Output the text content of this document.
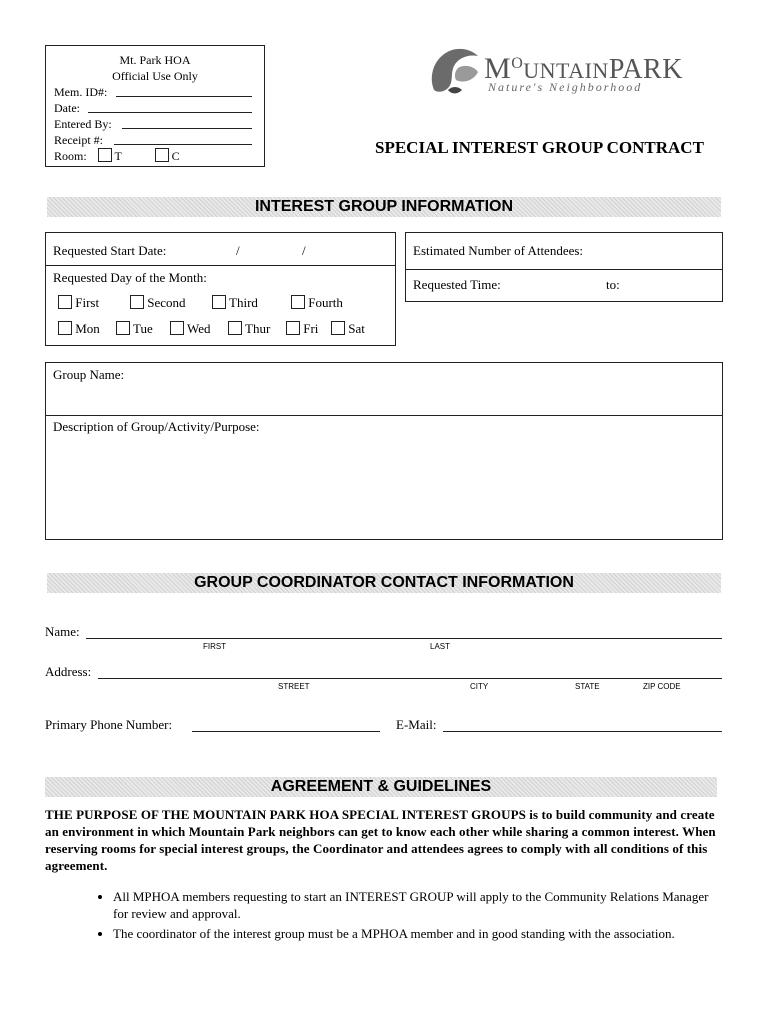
Mt. Park HOA
Official Use Only
Mem. ID#:
Date:
Entered By:
Receipt #:
Room: T	C
$M^OUNTAINPARK$
Nature's Neighborhood
SPECIAL INTEREST GROUP CONTRACT
INTEREST GROUP INFORMATION
Requested Start Date:	/	/
Requested Day of the Month:
First	Second	Third	Fourth
Mon	Tue	Wed	Thur	Fri	Sat
Estimated Number of Attendees:
Requested Time:	to:
Group Name:
Description of Group/Activity/Purpose:
GROUP COORDINATOR CONTACT INFORMATION
Name:
FIRST	LAST
Address:
STREET	CITY	STATE	ZIP CODE
Primary Phone Number:	E-Mail:
AGREEMENT & GUIDELINES

THE PURPOSE OF THE MOUNTAIN PARK HOA SPECIAL INTEREST GROUPS is to build community and create an environment in which Mountain Park neighbors can get to know each other while sharing a common interest. When reserving rooms for special interest groups, the Coordinator and attendees agrees to comply with all conditions of this agreement.

• All MPHOA members requesting to start an INTEREST GROUP will apply to the Community Relations Manager for review and approval.
• The coordinator of the interest group must be a MPHOA member and in good standing with the association.
